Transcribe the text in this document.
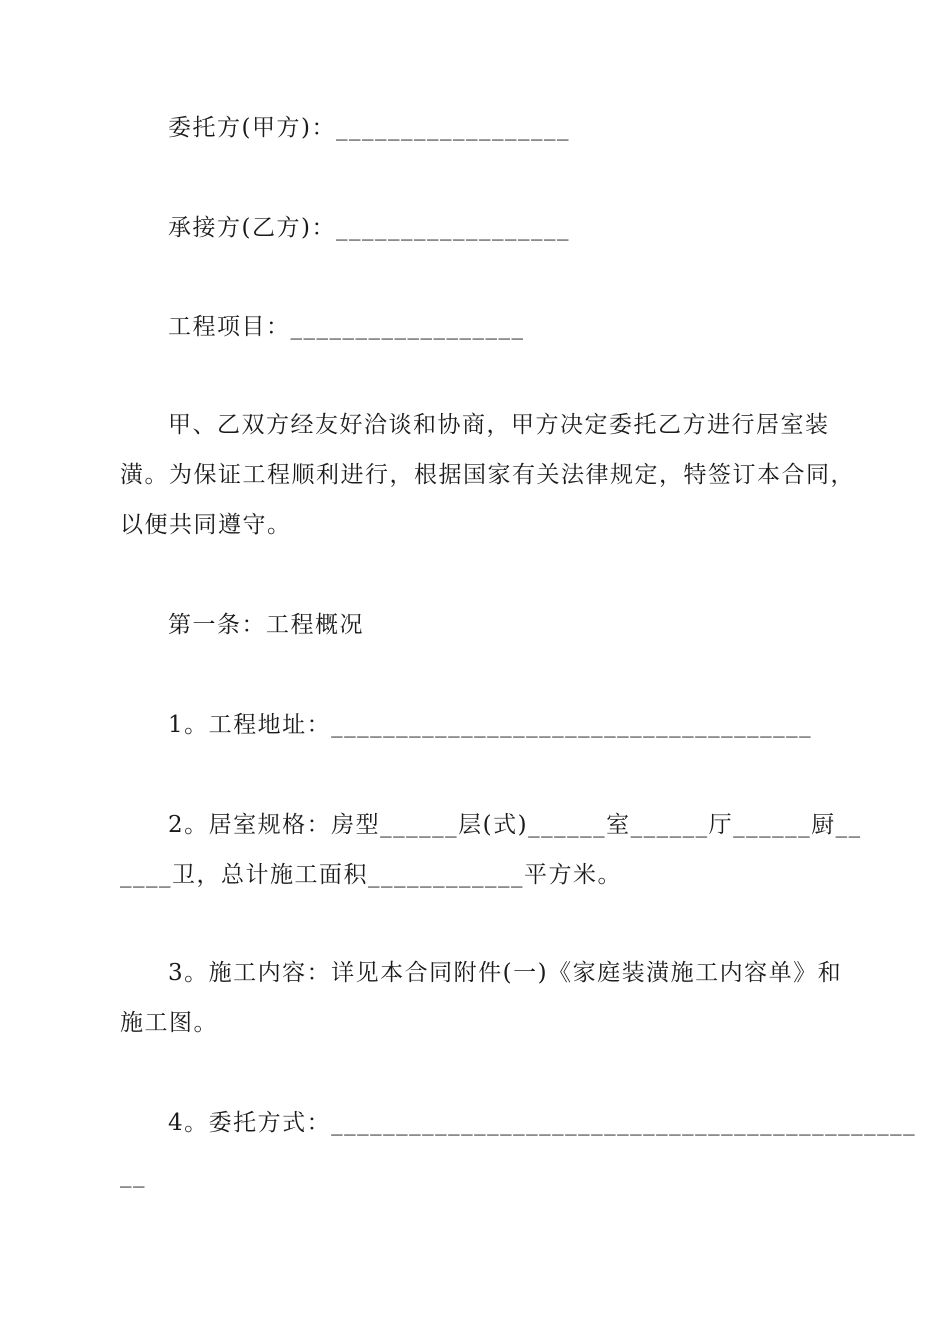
委托方(甲方)：__________________
承接方(乙方)：__________________
工程项目：__________________
甲、乙双方经友好洽谈和协商，甲方决定委托乙方进行居室装
潢。为保证工程顺利进行，根据国家有关法律规定，特签订本合同，
以便共同遵守。
第一条：工程概况
1。工程地址：_____________________________________
2。居室规格：房型______层(式)______室______厅______厨__
____卫，总计施工面积____________平方米。
3。施工内容：详见本合同附件(一)《家庭装潢施工内容单》和
施工图。
4。委托方式：_____________________________________________
__
